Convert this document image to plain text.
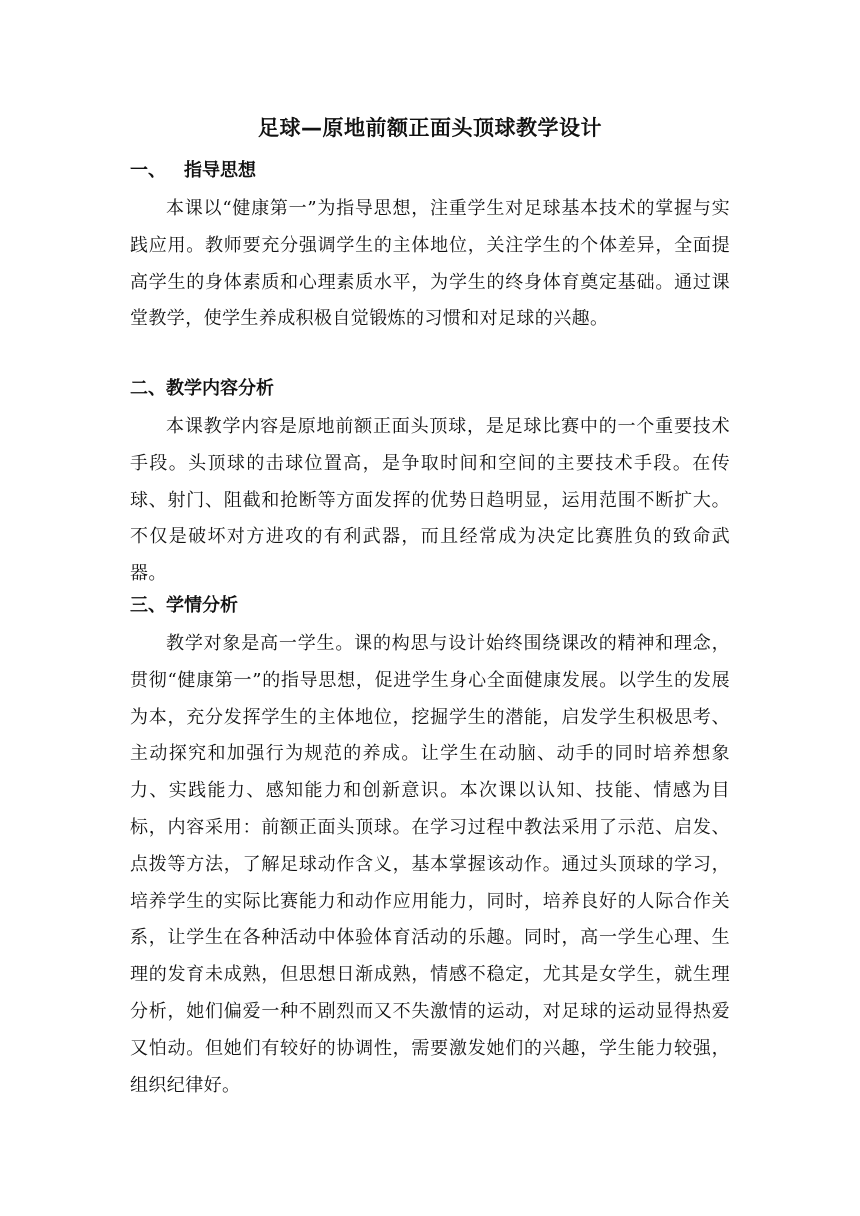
足球—原地前额正面头顶球教学设计
一、 指导思想

本课以“健康第一”为指导思想，注重学生对足球基本技术的掌握与实践应用。教师要充分强调学生的主体地位，关注学生的个体差异，全面提高学生的身体素质和心理素质水平，为学生的终身体育奠定基础。通过课堂教学，使学生养成积极自觉锻炼的习惯和对足球的兴趣。

二、教学内容分析

本课教学内容是原地前额正面头顶球，是足球比赛中的一个重要技术手段。头顶球的击球位置高，是争取时间和空间的主要技术手段。在传球、射门、阻截和抢断等方面发挥的优势日趋明显，运用范围不断扩大。不仅是破坏对方进攻的有利武器，而且经常成为决定比赛胜负的致命武器。

三、学情分析

教学对象是高一学生。课的构思与设计始终围绕课改的精神和理念，贯彻“健康第一”的指导思想，促进学生身心全面健康发展。以学生的发展为本，充分发挥学生的主体地位，挖掘学生的潜能，启发学生积极思考、主动探究和加强行为规范的养成。让学生在动脑、动手的同时培养想象力、实践能力、感知能力和创新意识。本次课以认知、技能、情感为目标，内容采用：前额正面头顶球。在学习过程中教法采用了示范、启发、点拨等方法，了解足球动作含义，基本掌握该动作。通过头顶球的学习，培养学生的实际比赛能力和动作应用能力，同时，培养良好的人际合作关系，让学生在各种活动中体验体育活动的乐趣。同时，高一学生心理、生理的发育未成熟，但思想日渐成熟，情感不稳定，尤其是女学生，就生理分析，她们偏爱一种不剧烈而又不失激情的运动，对足球的运动显得热爱又怕动。但她们有较好的协调性，需要激发她们的兴趣，学生能力较强，组织纪律好。
